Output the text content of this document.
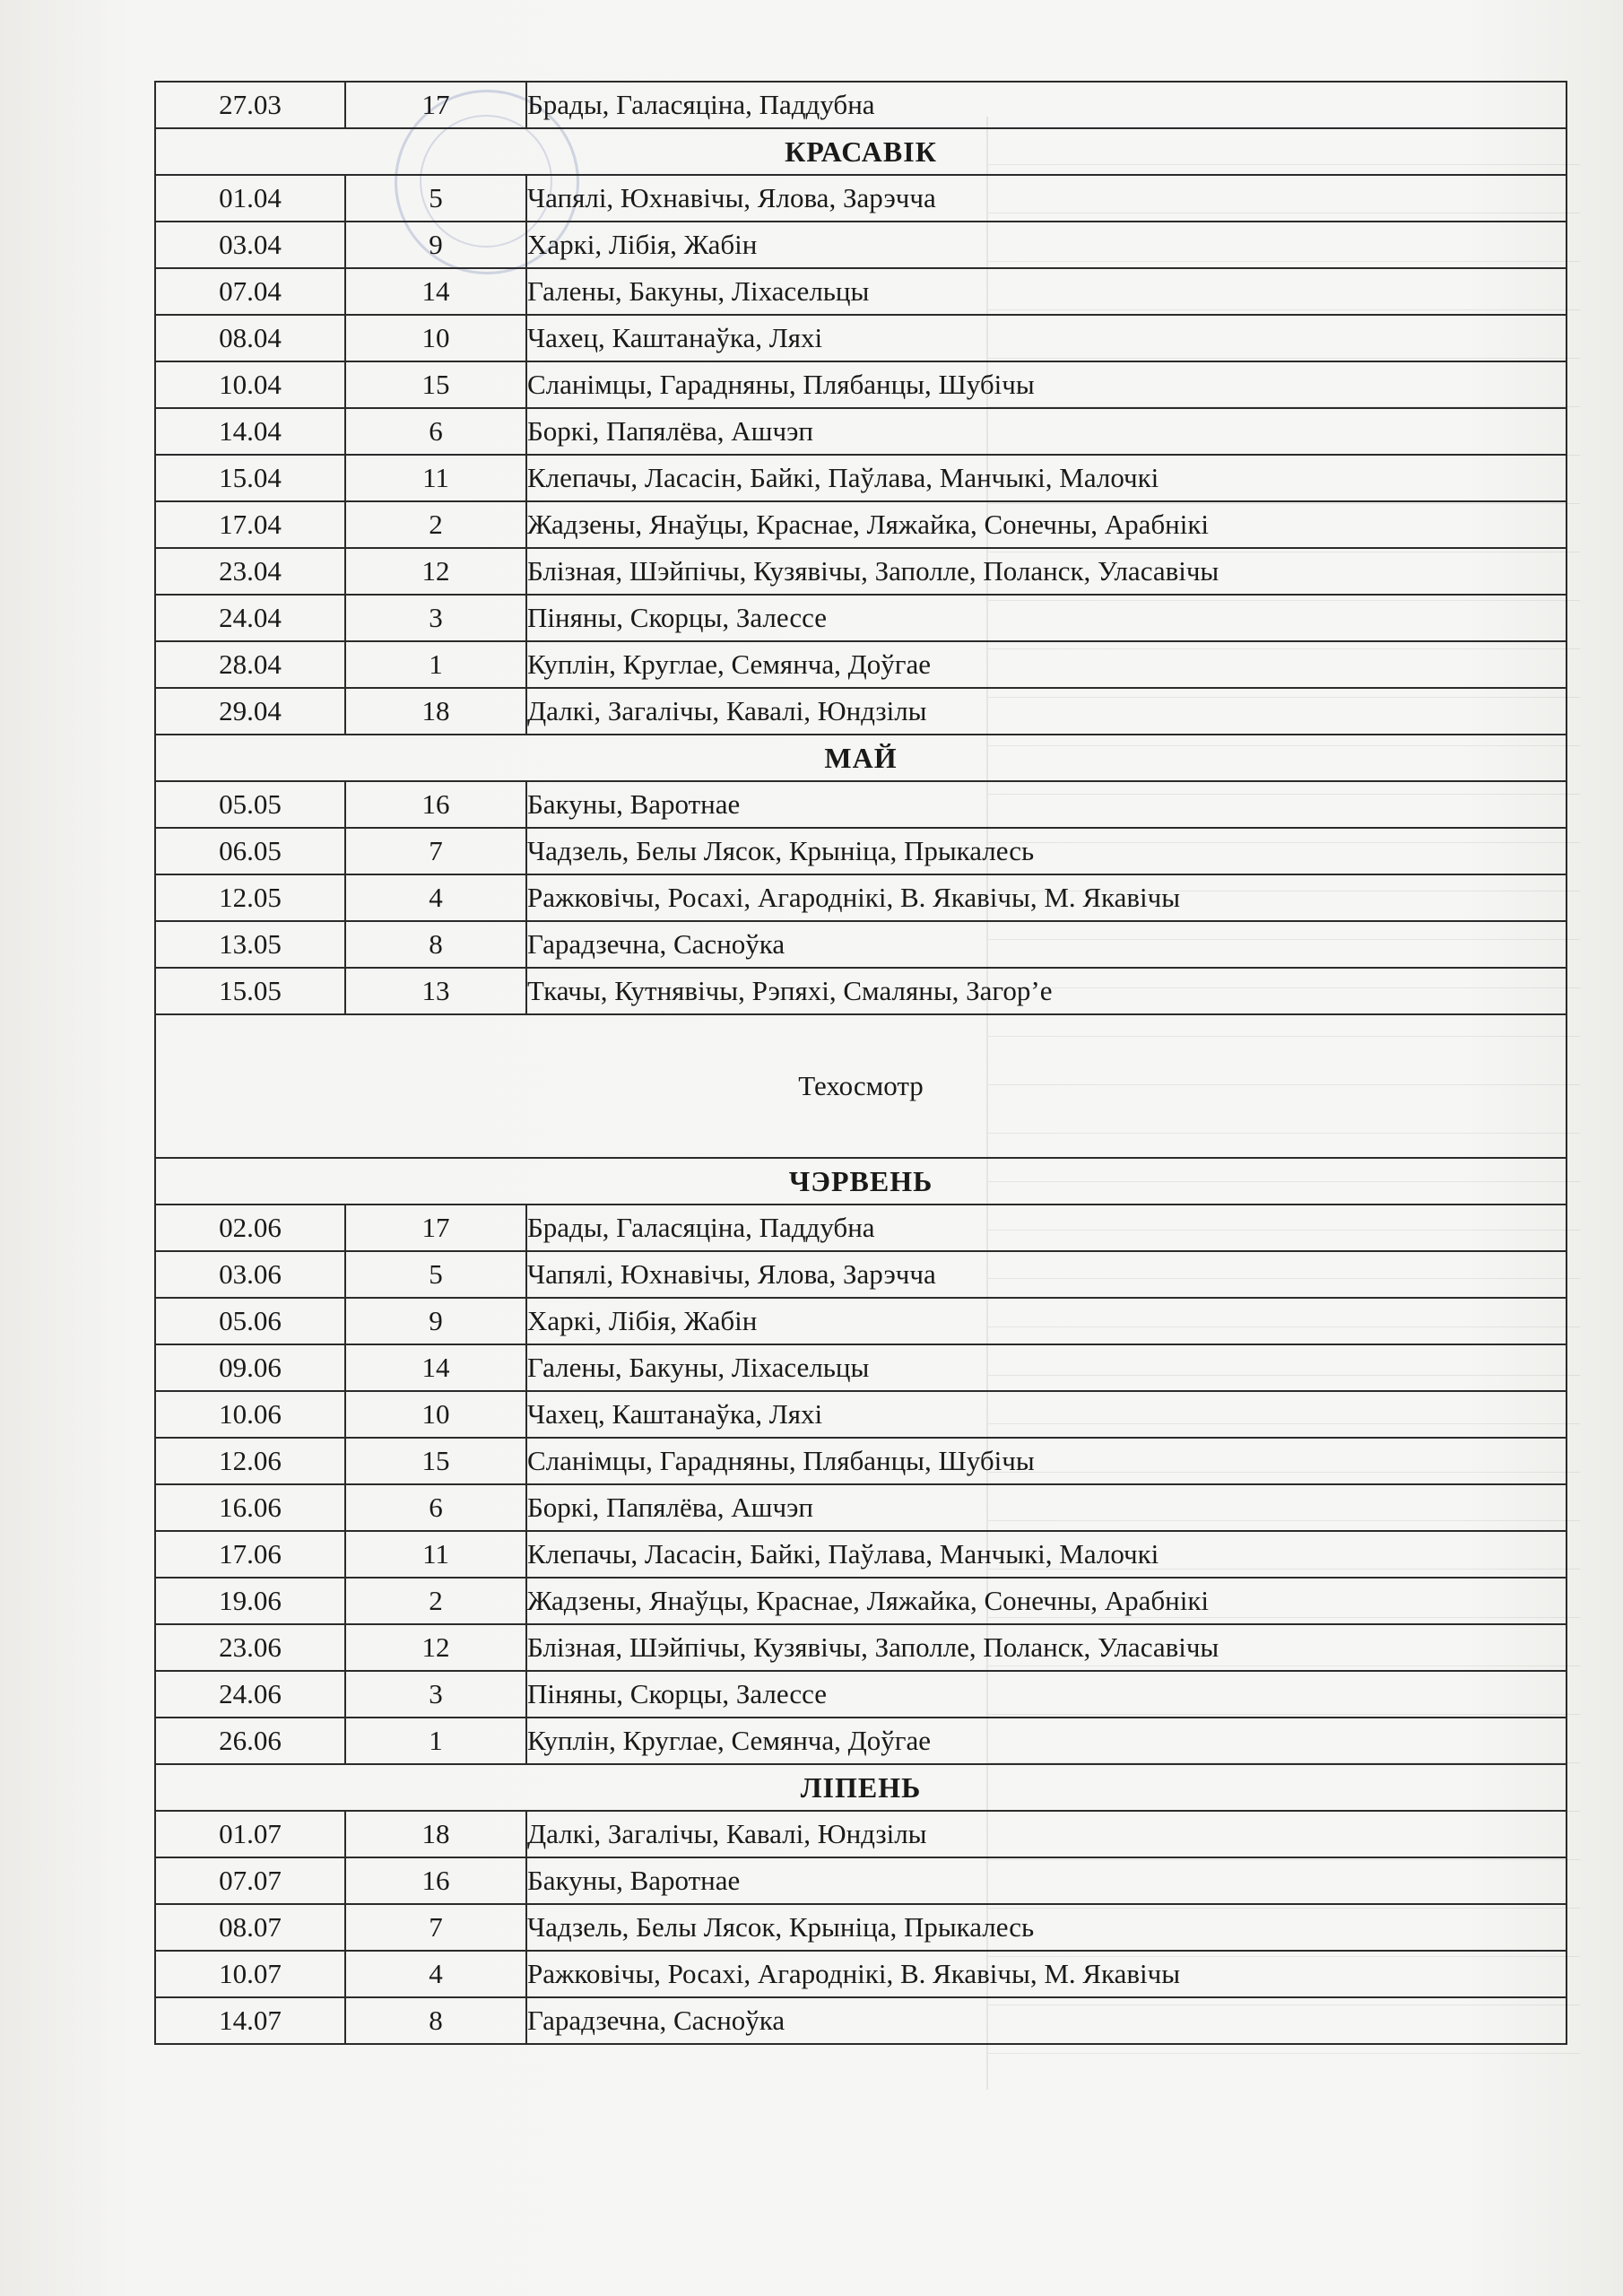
27.03	17	Брады, Галасяціна, Паддубна
КРАСАВІК		
01.04	5	Чапялі, Юхнавічы, Ялова, Зарэчча
03.04	9	Харкі, Лібія, Жабін
07.04	14	Галены, Бакуны, Ліхасельцы
08.04	10	Чахец, Каштанаўка, Ляхі
10.04	15	Сланімцы, Гарадняны, Плябанцы, Шубічы
14.04	6	Боркі, Папялёва, Ашчэп
15.04	11	Клепачы, Ласасін, Байкі, Паўлава, Манчыкі, Малочкі
17.04	2	Жадзены, Янаўцы, Краснае, Ляжайка, Сонечны, Арабнікі
23.04	12	Блізная, Шэйпічы, Кузявічы, Заполле, Поланск, Уласавічы
24.04	3	Піняны, Скорцы, Залессе
28.04	1	Куплін, Круглае, Семянча, Доўгае
29.04	18	Далкі, Загалічы, Кавалі, Юндзілы
МАЙ		
05.05	16	Бакуны, Варотнае
06.05	7	Чадзель, Белы Лясок, Крыніца, Прыкалесь
12.05	4	Ражковічы, Росахі, Агароднікі, В. Якавічы, М. Якавічы
13.05	8	Гарадзечна, Сасноўка
15.05	13	Ткачы, Кутнявічы, Рэпяхі, Смаляны, Загор’е
Техосмотр		
ЧЭРВЕНЬ		
02.06	17	Брады, Галасяціна, Паддубна
03.06	5	Чапялі, Юхнавічы, Ялова, Зарэчча
05.06	9	Харкі, Лібія, Жабін
09.06	14	Галены, Бакуны, Ліхасельцы
10.06	10	Чахец, Каштанаўка, Ляхі
12.06	15	Сланімцы, Гарадняны, Плябанцы, Шубічы
16.06	6	Боркі, Папялёва, Ашчэп
17.06	11	Клепачы, Ласасін, Байкі, Паўлава, Манчыкі, Малочкі
19.06	2	Жадзены, Янаўцы, Краснае, Ляжайка, Сонечны, Арабнікі
23.06	12	Блізная, Шэйпічы, Кузявічы, Заполле, Поланск, Уласавічы
24.06	3	Піняны, Скорцы, Залессе
26.06	1	Куплін, Круглае, Семянча, Доўгае
ЛІПЕНЬ		
01.07	18	Далкі, Загалічы, Кавалі, Юндзілы
07.07	16	Бакуны, Варотнае
08.07	7	Чадзель, Белы Лясок, Крыніца, Прыкалесь
10.07	4	Ражковічы, Росахі, Агароднікі, В. Якавічы, М. Якавічы
14.07	8	Гарадзечна, Сасноўка
